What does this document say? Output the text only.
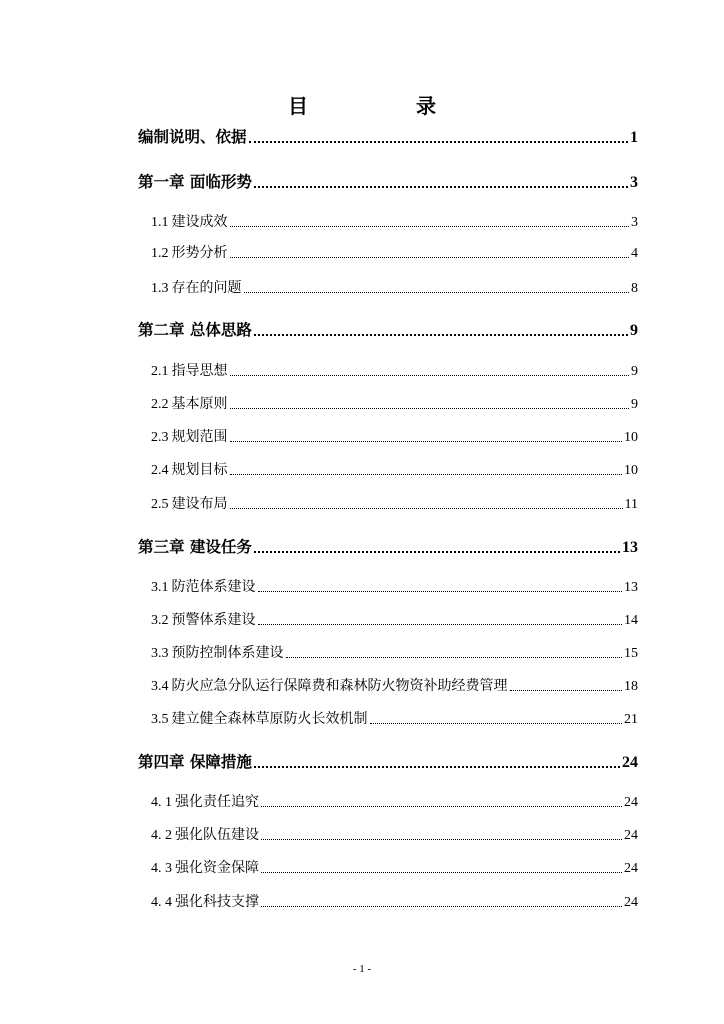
目　录
编制说明、依据	1
第一章 面临形势	3
1.1 建设成效	3
1.2 形势分析	4
1.3 存在的问题	8
第二章 总体思路	9
2.1 指导思想	9
2.2 基本原则	9
2.3 规划范围	10
2.4 规划目标	10
2.5 建设布局	11
第三章 建设任务	13
3.1 防范体系建设	13
3.2 预警体系建设	14
3.3 预防控制体系建设	15
3.4 防火应急分队运行保障费和森林防火物资补助经费管理	18
3.5 建立健全森林草原防火长效机制	21
第四章 保障措施	24
4. 1 强化责任追究	24
4. 2 强化队伍建设	24
4. 3 强化资金保障	24
4. 4 强化科技支撑	24
- 1 -
